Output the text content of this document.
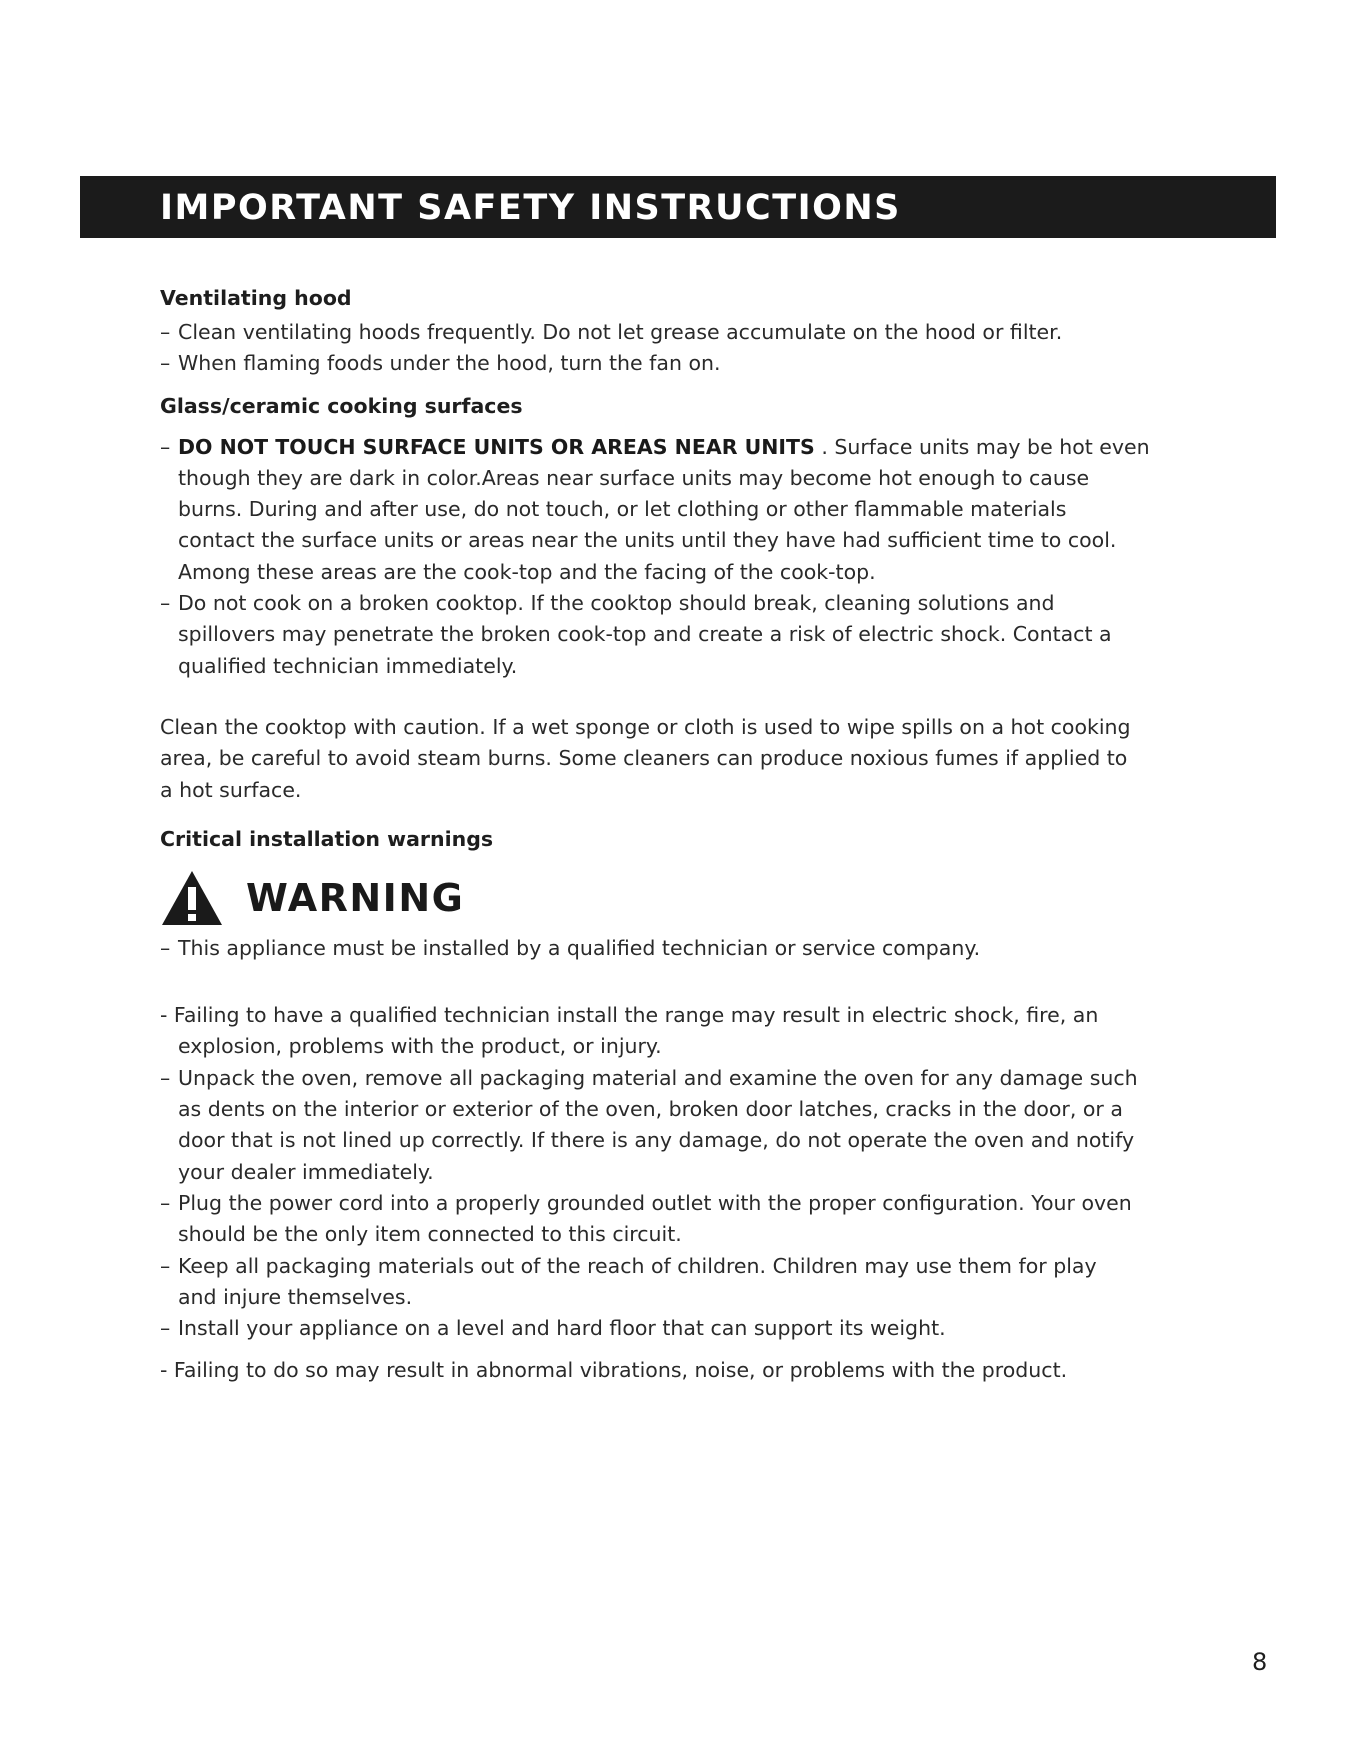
IMPORTANT SAFETY INSTRUCTIONS
Ventilating hood

– Clean ventilating hoods frequently. Do not let grease accumulate on the hood or filter.

– When flaming foods under the hood, turn the fan on.

Glass/ceramic cooking surfaces

– DO NOT TOUCH SURFACE UNITS OR AREAS NEAR UNITS . Surface units may be hot even
though they are dark in color.Areas near surface units may become hot enough to cause
burns. During and after use, do not touch, or let clothing or other flammable materials
contact the surface units or areas near the units until they have had sufficient time to cool.
Among these areas are the cook-top and the facing of the cook-top.

– Do not cook on a broken cooktop. If the cooktop should break, cleaning solutions and
spillovers may penetrate the broken cook-top and create a risk of electric shock. Contact a
qualified technician immediately.

Clean the cooktop with caution. If a wet sponge or cloth is used to wipe spills on a hot cooking
area, be careful to avoid steam burns. Some cleaners can produce noxious fumes if applied to
a hot surface.

Critical installation warnings
WARNING

– This appliance must be installed by a qualified technician or service company.

- Failing to have a qualified technician install the range may result in electric shock, fire, an
explosion, problems with the product, or injury.

– Unpack the oven, remove all packaging material and examine the oven for any damage such
as dents on the interior or exterior of the oven, broken door latches, cracks in the door, or a
door that is not lined up correctly. If there is any damage, do not operate the oven and notify
your dealer immediately.

– Plug the power cord into a properly grounded outlet with the proper configuration. Your oven
should be the only item connected to this circuit.

– Keep all packaging materials out of the reach of children. Children may use them for play
and injure themselves.

– Install your appliance on a level and hard floor that can support its weight.

- Failing to do so may result in abnormal vibrations, noise, or problems with the product.

8
